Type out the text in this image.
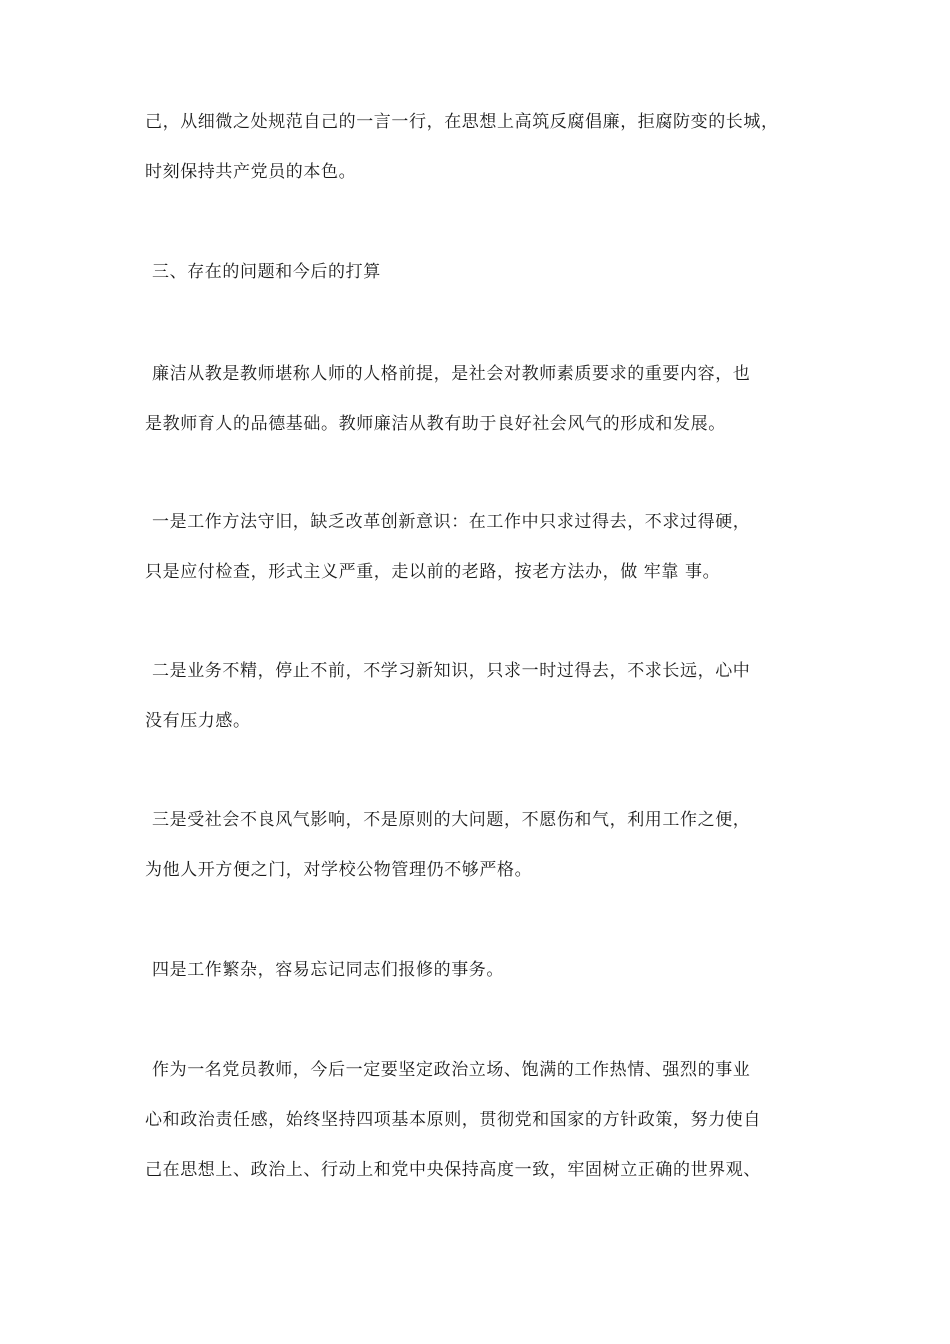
己，从细微之处规范自己的一言一行，在思想上高筑反腐倡廉，拒腐防变的长城，
时刻保持共产党员的本色。
三、存在的问题和今后的打算
廉洁从教是教师堪称人师的人格前提，是社会对教师素质要求的重要内容，也
是教师育人的品德基础。教师廉洁从教有助于良好社会风气的形成和发展。
一是工作方法守旧，缺乏改革创新意识：在工作中只求过得去，不求过得硬，
只是应付检查，形式主义严重，走以前的老路，按老方法办，做 牢靠 事。
二是业务不精，停止不前，不学习新知识，只求一时过得去，不求长远，心中
没有压力感。
三是受社会不良风气影响，不是原则的大问题，不愿伤和气，利用工作之便，
为他人开方便之门，对学校公物管理仍不够严格。
四是工作繁杂，容易忘记同志们报修的事务。
作为一名党员教师，今后一定要坚定政治立场、饱满的工作热情、强烈的事业
心和政治责任感，始终坚持四项基本原则，贯彻党和国家的方针政策，努力使自
己在思想上、政治上、行动上和党中央保持高度一致，牢固树立正确的世界观、
